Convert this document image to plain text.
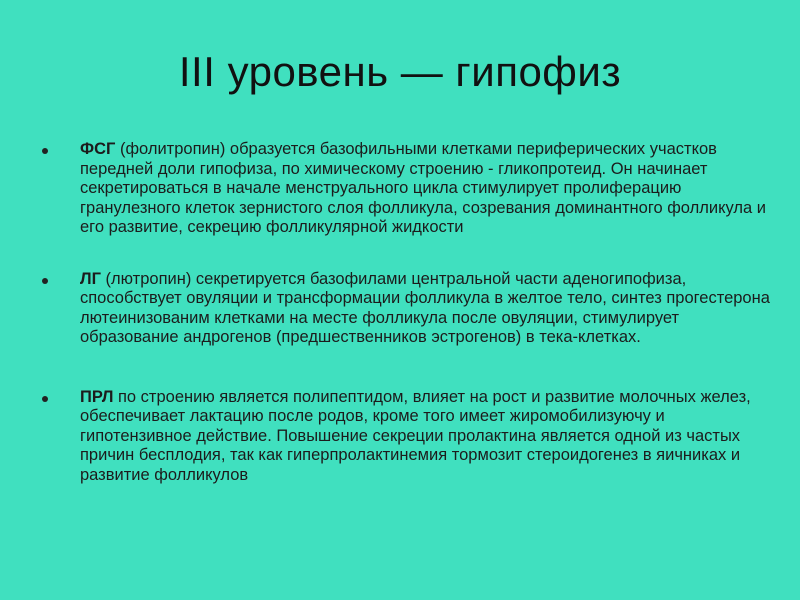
III уровень — гипофиз
ФСГ (фолитропин) образуется базофильными клетками периферических участков передней доли гипофиза, по химическому строению - гликопротеид. Он начинает секретироваться в начале менструального цикла стимулирует пролиферацию гранулезного клеток зернистого слоя фолликула, созревания доминантного фолликула и его развитие, секрецию фолликулярной жидкости
ЛГ (лютропин) секретируется базофилами центральной части аденогипофиза, способствует овуляции и трансформации фолликула в желтое тело, синтез прогестерона лютеинизованим клетками на месте фолликула после овуляции, стимулирует образование андрогенов (предшественников эстрогенов) в тека-клетках.
ПРЛ по строению является полипептидом, влияет на рост и развитие молочных желез, обеспечивает лактацию после родов, кроме того имеет жиромобилизуючу и гипотензивное действие. Повышение секреции пролактина является одной из частых причин бесплодия, так как гиперпролактинемия тормозит стероидогенез в яичниках и развитие фолликулов
